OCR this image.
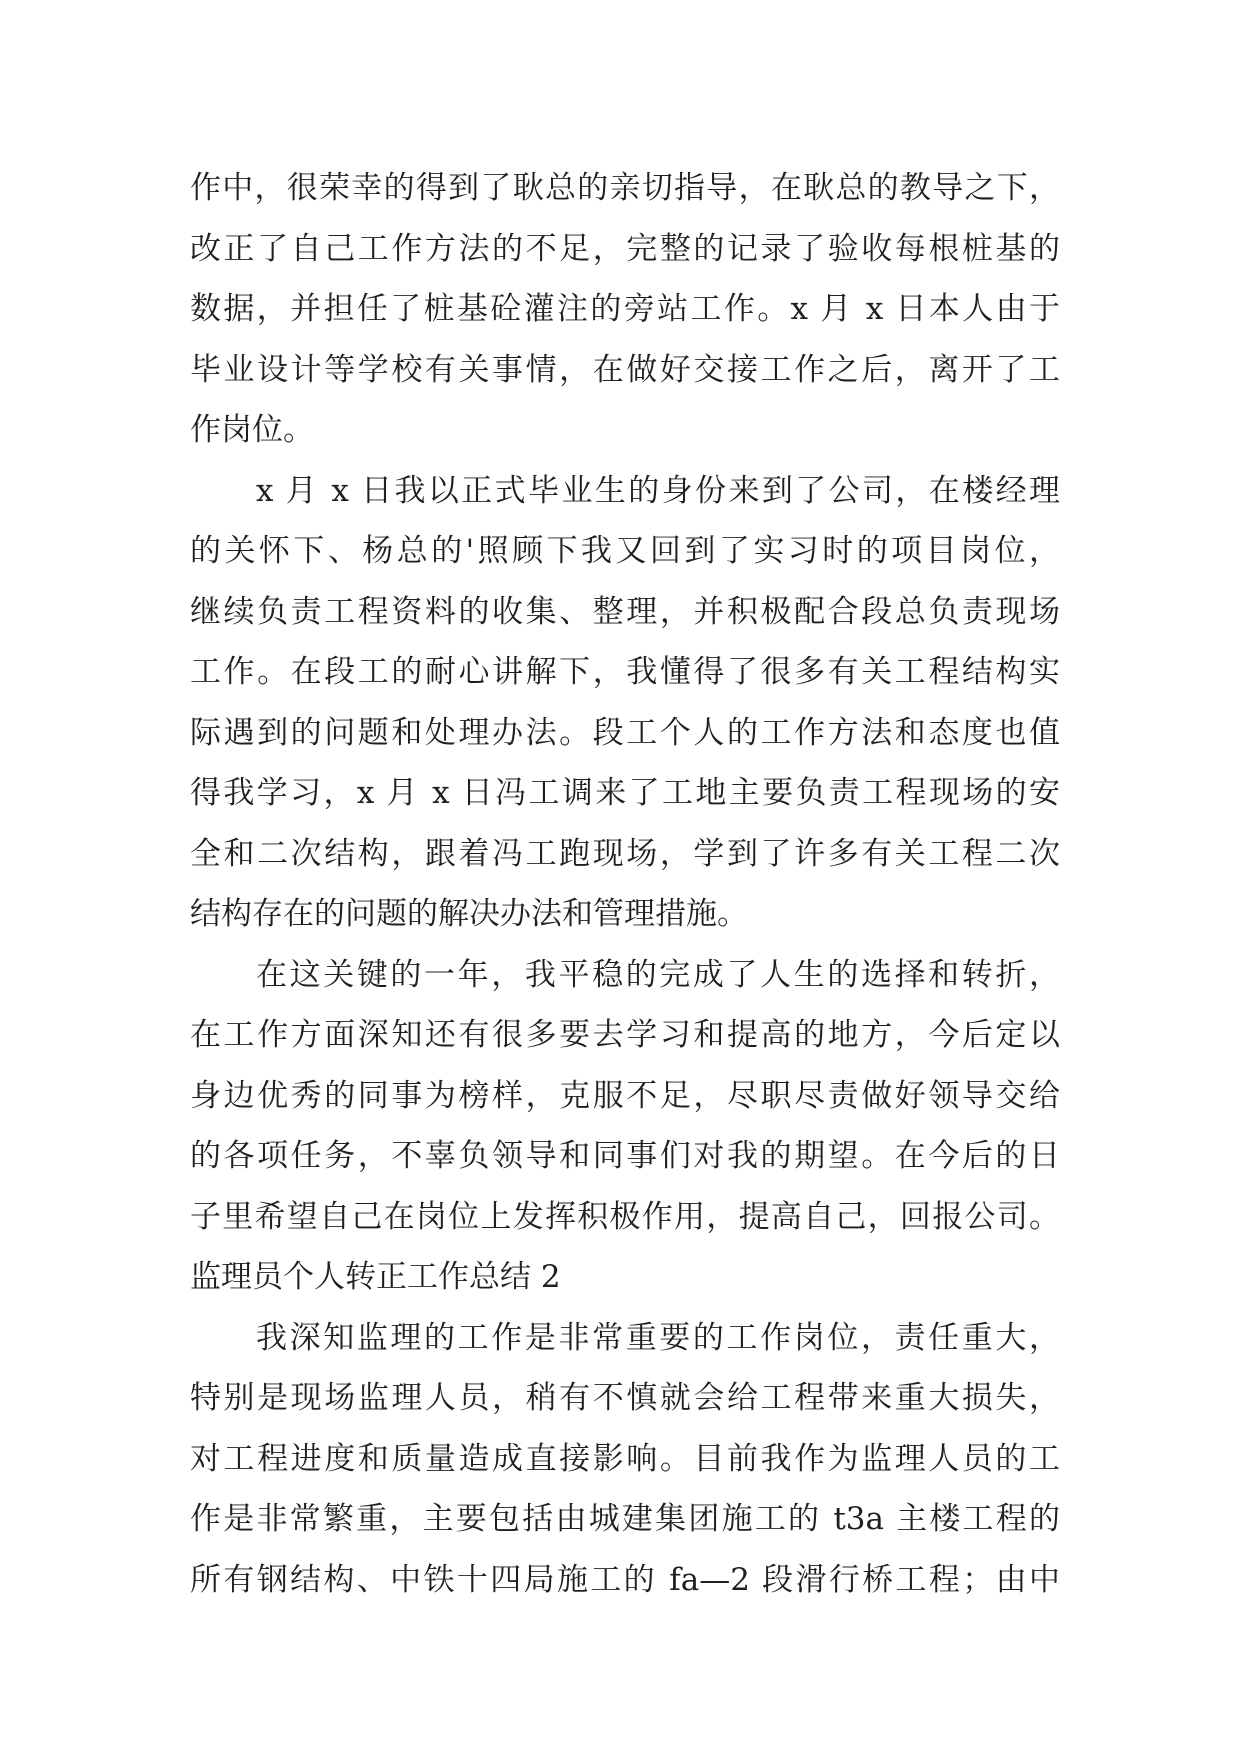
作中，很荣幸的得到了耿总的亲切指导，在耿总的教导之下，
改正了自己工作方法的不足，完整的记录了验收每根桩基的
数据，并担任了桩基砼灌注的旁站工作。x 月 x 日本人由于
毕业设计等学校有关事情，在做好交接工作之后，离开了工
作岗位。
x 月 x 日我以正式毕业生的身份来到了公司，在楼经理
的关怀下、杨总的'照顾下我又回到了实习时的项目岗位，
继续负责工程资料的收集、整理，并积极配合段总负责现场
工作。在段工的耐心讲解下，我懂得了很多有关工程结构实
际遇到的问题和处理办法。段工个人的工作方法和态度也值
得我学习，x 月 x 日冯工调来了工地主要负责工程现场的安
全和二次结构，跟着冯工跑现场，学到了许多有关工程二次
结构存在的问题的解决办法和管理措施。
在这关键的一年，我平稳的完成了人生的选择和转折，
在工作方面深知还有很多要去学习和提高的地方，今后定以
身边优秀的同事为榜样，克服不足，尽职尽责做好领导交给
的各项任务，不辜负领导和同事们对我的期望。在今后的日
子里希望自己在岗位上发挥积极作用，提高自己，回报公司。
监理员个人转正工作总结 2
我深知监理的工作是非常重要的工作岗位，责任重大，
特别是现场监理人员，稍有不慎就会给工程带来重大损失，
对工程进度和质量造成直接影响。目前我作为监理人员的工
作是非常繁重，主要包括由城建集团施工的 t3a 主楼工程的
所有钢结构、中铁十四局施工的 fa—2 段滑行桥工程；由中
